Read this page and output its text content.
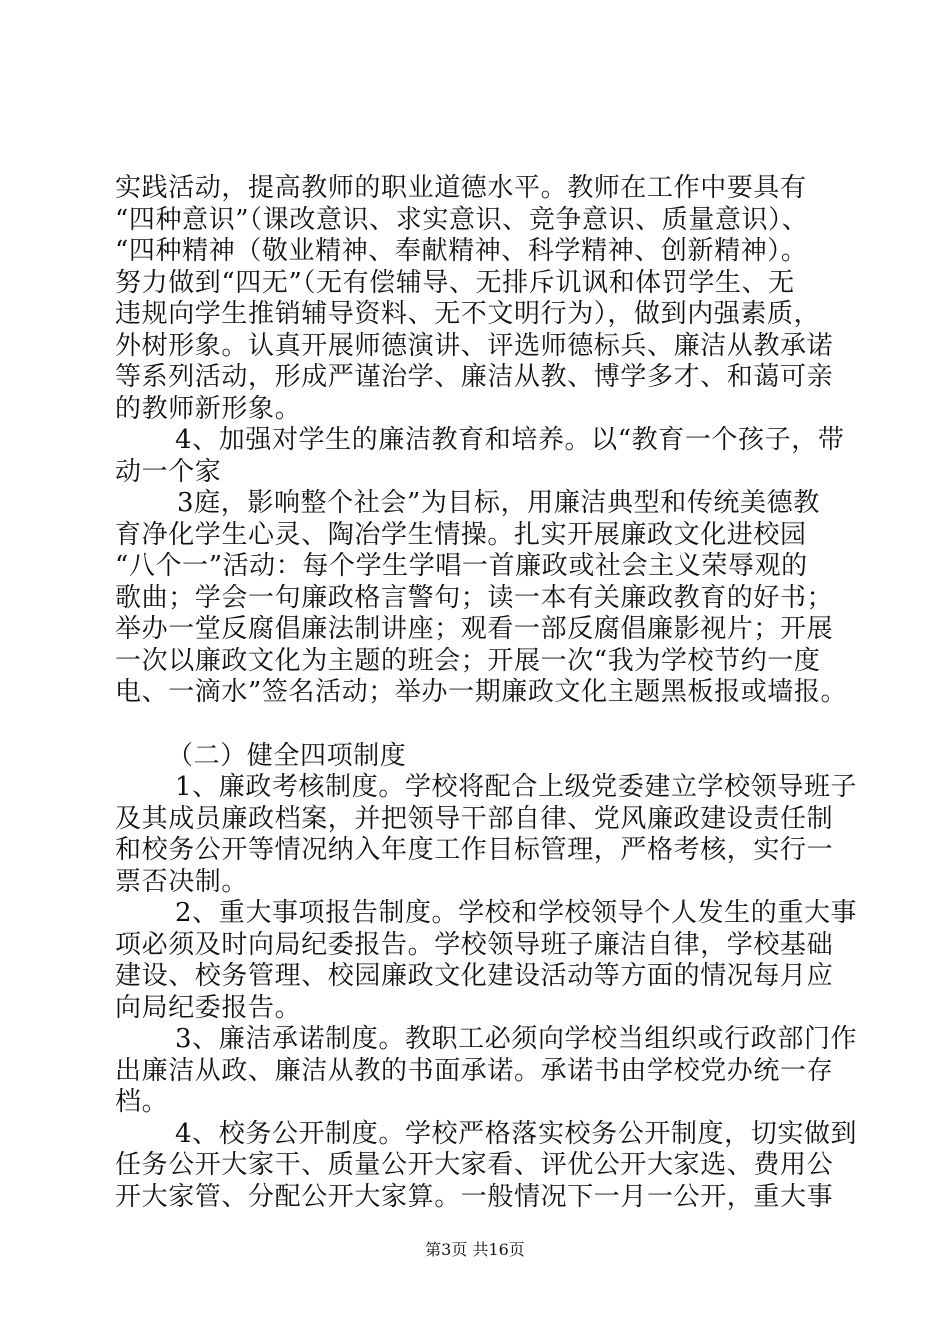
实践活动，提高教师的职业道德水平。教师在工作中要具有
“四种意识”（课改意识、求实意识、竞争意识、质量意识）、
“四种精神（敬业精神、奉献精神、科学精神、创新精神）。
努力做到“四无”（无有偿辅导、无排斥讥讽和体罚学生、无
违规向学生推销辅导资料、无不文明行为），做到内强素质，
外树形象。认真开展师德演讲、评选师德标兵、廉洁从教承诺
等系列活动，形成严谨治学、廉洁从教、博学多才、和蔼可亲
的教师新形象。
4、加强对学生的廉洁教育和培养。以“教育一个孩子，带
动一个家
3庭，影响整个社会”为目标，用廉洁典型和传统美德教
育净化学生心灵、陶冶学生情操。扎实开展廉政文化进校园
“八个一”活动：每个学生学唱一首廉政或社会主义荣辱观的
歌曲；学会一句廉政格言警句；读一本有关廉政教育的好书；
举办一堂反腐倡廉法制讲座；观看一部反腐倡廉影视片；开展
一次以廉政文化为主题的班会；开展一次“我为学校节约一度
电、一滴水”签名活动；举办一期廉政文化主题黑板报或墙报。
（二）健全四项制度
1、廉政考核制度。学校将配合上级党委建立学校领导班子
及其成员廉政档案，并把领导干部自律、党风廉政建设责任制
和校务公开等情况纳入年度工作目标管理，严格考核，实行一
票否决制。
2、重大事项报告制度。学校和学校领导个人发生的重大事
项必须及时向局纪委报告。学校领导班子廉洁自律，学校基础
建设、校务管理、校园廉政文化建设活动等方面的情况每月应
向局纪委报告。
3、廉洁承诺制度。教职工必须向学校当组织或行政部门作
出廉洁从政、廉洁从教的书面承诺。承诺书由学校党办统一存
档。
4、校务公开制度。学校严格落实校务公开制度，切实做到
任务公开大家干、质量公开大家看、评优公开大家选、费用公
开大家管、分配公开大家算。一般情况下一月一公开，重大事
第3页 共16页
